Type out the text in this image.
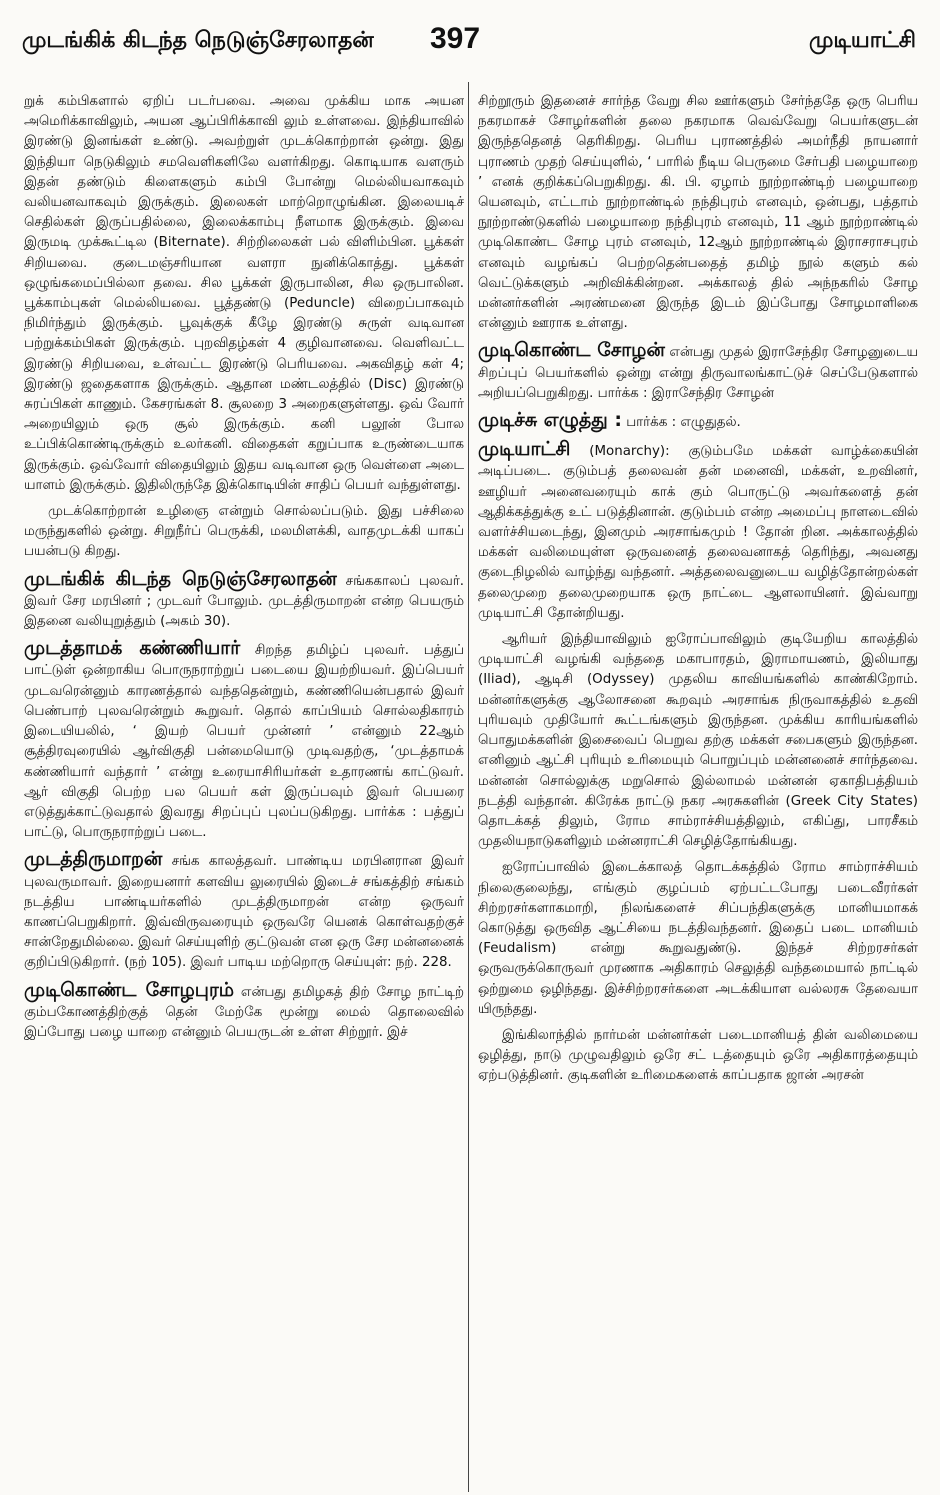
முடங்கிக் கிடந்த நெடுஞ்சேரலாதன் 397	முடியாட்சி

றுக் கம்பிகளால் ஏறிப் படர்பவை. அவை முக்கிய மாக அயன அமெரிக்காவிலும், அயன ஆப்பிரிக்காவி லும் உள்ளவை. இந்தியாவில் இரண்டு இனங்கள் உண்டு. அவற்றுள் முடக்கொற்றான் ஒன்று. இது இந்தியா நெடுகிலும் சமவெளிகளிலே வளர்கிறது. கொடியாக வளரும் இதன் தண்டும் கிளைகளும் கம்பி போன்று மெல்லியவாகவும் வலியனவாகவும் இருக்கும். இலைகள் மாற்றொழுங்கின. இலையடிச் செதில்கள் இருப்பதில்லை, இலைக்காம்பு நீளமாக இருக்கும். இவை இருமடி முக்கூட்டில (Biternate). சிற்றிலைகள் பல் விளிம்பின. பூக்கள் சிறியவை. குடைமஞ்சரியான வளரா நுனிக்கொத்து. பூக்கள் ஒழுங்கமைப்பில்லா தவை. சில பூக்கள் இருபாலின, சில ஒருபாலின. பூக்காம்புகள் மெல்லியவை. பூத்தண்டு (Peduncle) விறைப்பாகவும் நிமிர்ந்தும் இருக்கும். பூவுக்குக் கீழே இரண்டு சுருள் வடிவான பற்றுக்கம்பிகள் இருக்கும். புறவிதழ்கள் 4 குழிவானவை. வெளிவட்ட இரண்டு சிறியவை, உள்வட்ட இரண்டு பெரியவை. அகவிதழ் கள் 4; இரண்டு ஜதைகளாக இருக்கும். ஆதான மண்டலத்தில் (Disc) இரண்டு சுரப்பிகள் காணும். கேசரங்கள் 8. சூலறை 3 அறைகளுள்ளது. ஒவ் வோர் அறையிலும் ஒரு சூல் இருக்கும். கனி பலூன் போல உப்பிக்கொண்டிருக்கும் உலர்கனி. விதைகள் கறுப்பாக உருண்டையாக இருக்கும். ஒவ்வோர் விதையிலும் இதய வடிவான ஒரு வெள்ளை அடை யாளம் இருக்கும். இதிலிருந்தே இக்கொடியின் சாதிப் பெயர் வந்துள்ளது.

முடக்கொற்றான் உழிஞை என்றும் சொல்லப்படும். இது பச்சிலை மருந்துகளில் ஒன்று. சிறுநீர்ப் பெருக்கி, மலமிளக்கி, வாதமுடக்கி யாகப் பயன்படு கிறது.

முடங்கிக் கிடந்த நெடுஞ்சேரலாதன் சங்ககாலப் புலவர். இவர் சேர மரபினர் ; முடவர் போலும். முடத்திருமாறன் என்ற பெயரும் இதனை வலியுறுத்தும் (அகம் 30).

முடத்தாமக் கண்ணியார் சிறந்த தமிழ்ப் புலவர். பத்துப் பாட்டுள் ஒன்றாகிய பொருநராற்றுப் படையை இயற்றியவர். இப்பெயர் முடவரென்னும் காரணத்தால் வந்ததென்றும், கண்ணியென்பதால் இவர் பெண்பாற் புலவரென்றும் கூறுவர். தொல் காப்பியம் சொல்லதிகாரம் இடையியலில், ‘ இயற் பெயர் முன்னர் ’ என்னும் 22ஆம் சூத்திரவுரையில் ஆர்விகுதி பன்மையொடு முடிவதற்கு, ‘முடத்தாமக் கண்ணியார் வந்தார் ’ என்று உரையாசிரியர்கள் உதாரணங் காட்டுவர். ஆர் விகுதி பெற்ற பல பெயர் கள் இருப்பவும் இவர் பெயரை எடுத்துக்காட்டுவதால் இவரது சிறப்புப் புலப்படுகிறது. பார்க்க : பத்துப் பாட்டு, பொருநராற்றுப் படை.

முடத்திருமாறன் சங்க காலத்தவர். பாண்டிய மரபினரான இவர் புலவருமாவர். இறையனார் களவிய லுரையில் இடைச் சங்கத்திற் சங்கம் நடத்திய பாண்டியர்களில் முடத்திருமாறன் என்ற ஒருவர் காணப்பெறுகிறார். இவ்விருவரையும் ஒருவரே யெனக் கொள்வதற்குச் சான்றேதுமில்லை. இவர் செய்யுளிற் குட்டுவன் என ஒரு சேர மன்னனைக் குறிப்பிடுகிறார். (நற் 105). இவர் பாடிய மற்றொரு செய்யுள்: நற். 228.

முடிகொண்ட சோழபுரம் என்பது தமிழகத் திற் சோழ நாட்டிற் கும்பகோணத்திற்குத் தென் மேற்கே மூன்று மைல் தொலைவில் இப்போது பழை யாறை என்னும் பெயருடன் உள்ள சிற்றூர். இச்

சிற்றூரும் இதனைச் சார்ந்த வேறு சில ஊர்களும் சேர்ந்ததே ஒரு பெரிய நகரமாகச் சோழர்களின் தலை நகரமாக வெவ்வேறு பெயர்களுடன் இருந்ததெனத் தெரிகிறது. பெரிய புராணத்தில் அமர்நீதி நாயனார் புராணம் முதற் செய்யுளில், ‘ பாரில் நீடிய பெருமை சேர்பதி பழையாறை ’ எனக் குறிக்கப்பெறுகிறது. கி. பி. ஏழாம் நூற்றாண்டிற் பழையாறை யெனவும், எட்டாம் நூற்றாண்டில் நந்திபுரம் எனவும், ஒன்பது, பத்தாம் நூற்றாண்டுகளில் பழையாறை நந்திபுரம் எனவும், 11 ஆம் நூற்றாண்டில் முடிகொண்ட சோழ புரம் எனவும், 12ஆம் நூற்றாண்டில் இராசராசபுரம் எனவும் வழங்கப் பெற்றதென்பதைத் தமிழ் நூல் களும் கல் வெட்டுக்களும் அறிவிக்கின்றன. அக்காலத் தில் அந்நகரில் சோழ மன்னர்களின் அரண்மனை இருந்த இடம் இப்போது சோழமாளிகை என்னும் ஊராக உள்ளது.

முடிகொண்ட சோழன் என்பது முதல் இராசேந்திர சோழனுடைய சிறப்புப் பெயர்களில் ஒன்று என்று திருவாலங்காட்டுச் செப்பேடுகளால் அறியப்பெறுகிறது. பார்க்க : இராசேந்திர சோழன்

முடிச்சு எழுத்து : பார்க்க : எழுதுதல்.

முடியாட்சி (Monarchy): குடும்பமே மக்கள் வாழ்க்கையின் அடிப்படை. குடும்பத் தலைவன் தன் மனைவி, மக்கள், உறவினர், ஊழியர் அனைவரையும் காக் கும் பொருட்டு அவர்களைத் தன் ஆதிக்கத்துக்கு உட் படுத்தினான். குடும்பம் என்ற அமைப்பு நாளடைவில் வளர்ச்சியடைந்து, இனமும் அரசாங்கமும் ! தோன் றின. அக்காலத்தில் மக்கள் வலிமையுள்ள ஒருவனைத் தலைவனாகத் தெரிந்து, அவனது குடைநிழலில் வாழ்ந்து வந்தனர். அத்தலைவனுடைய வழித்தோன்றல்கள் தலைமுறை தலைமுறையாக ஒரு நாட்டை ஆளலாயினர். இவ்வாறு முடியாட்சி தோன்றியது.

ஆரியர் இந்தியாவிலும் ஐரோப்பாவிலும் குடியேறிய காலத்தில் முடியாட்சி வழங்கி வந்ததை மகாபாரதம், இராமாயணம், இலியாது (Iliad), ஆடிசி (Odyssey) முதலிய காவியங்களில் காண்கிறோம். மன்னர்களுக்கு ஆலோசனை கூறவும் அரசாங்க நிருவாகத்தில் உதவி புரியவும் முதியோர் கூட்டங்களும் இருந்தன. முக்கிய காரியங்களில் பொதுமக்களின் இசைவைப் பெறுவ தற்கு மக்கள் சபைகளும் இருந்தன. எனினும் ஆட்சி புரியும் உரிமையும் பொறுப்பும் மன்னனைச் சார்ந்தவை. மன்னன் சொல்லுக்கு மறுசொல் இல்லாமல் மன்னன் ஏகாதிபத்தியம் நடத்தி வந்தான். கிரேக்க நாட்டு நகர அரசுகளின் (Greek City States) தொடக்கத் திலும், ரோம சாம்ராச்சியத்திலும், எகிப்து, பாரசீகம் முதலியநாடுகளிலும் மன்னராட்சி செழித்தோங்கியது.

ஐரோப்பாவில் இடைக்காலத் தொடக்கத்தில் ரோம சாம்ராச்சியம் நிலைகுலைந்து, எங்கும் குழப்பம் ஏற்பட்டபோது படைவீரர்கள் சிற்றரசர்களாகமாறி, நிலங்களைச் சிப்பந்திகளுக்கு மானியமாகக் கொடுத்து ஒருவித ஆட்சியை நடத்திவந்தனர். இதைப் படை மானியம் (Feudalism) என்று கூறுவதுண்டு. இந்தச் சிற்றரசர்கள் ஒருவருக்கொருவர் முரணாக அதிகாரம் செலுத்தி வந்தமையால் நாட்டில் ஒற்றுமை ஒழிந்தது. இச்சிற்றரசர்களை அடக்கியாள வல்லரசு தேவையா யிருந்தது.

இங்கிலாந்தில் நார்மன் மன்னர்கள் படைமானியத் தின் வலிமையை ஒழித்து, நாடு முழுவதிலும் ஒரே சட் டத்தையும் ஒரே அதிகாரத்தையும் ஏற்படுத்தினர். குடிகளின் உரிமைகளைக் காப்பதாக ஜான் அரசன்
